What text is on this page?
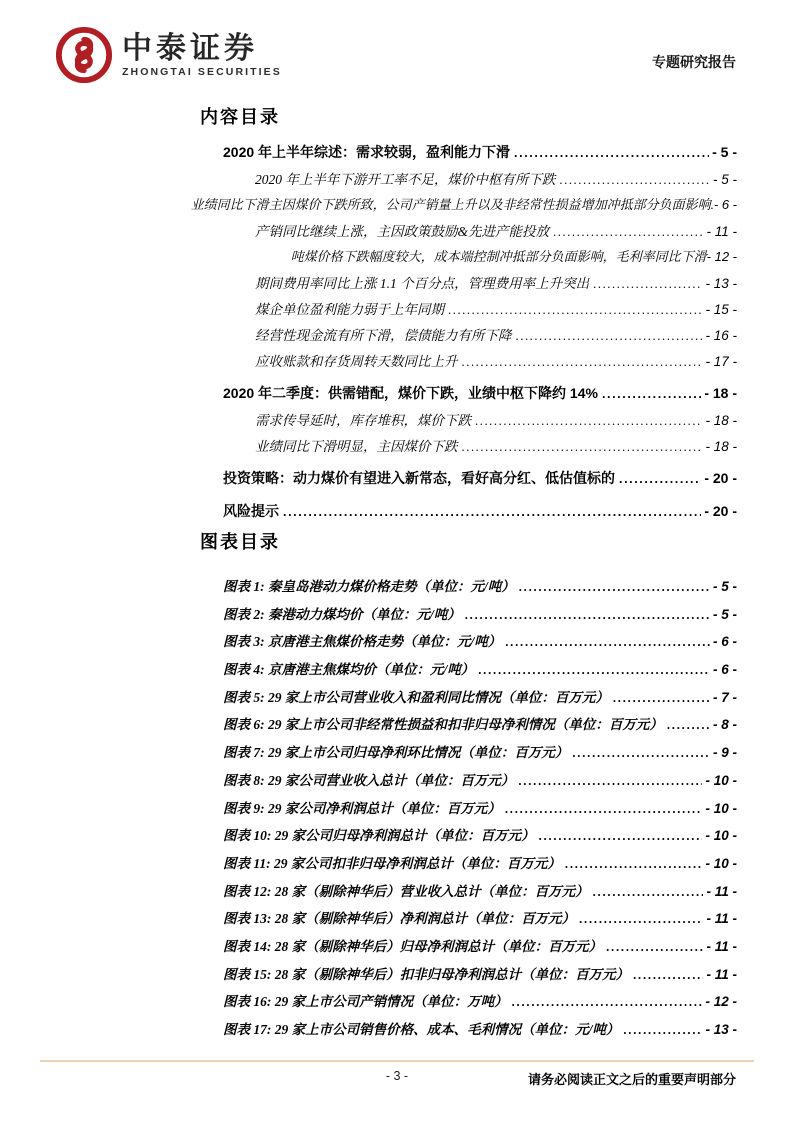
中泰证券
ZHONGTAI SECURITIES
专题研究报告
内容目录
2020 年上半年综述：需求较弱，盈利能力下滑 .....	- 5 -
2020 年上半年下游开工率不足，煤价中枢有所下跌 .....	- 5 -
业绩同比下滑主因煤价下跌所致，公司产销量上升以及非经常性损益增加冲抵部分负面影响. - 6 -
产销同比继续上涨，主因政策鼓励&先进产能投放 .....	- 11 -
吨煤价格下跌幅度较大，成本端控制冲抵部分负面影响，毛利率同比下滑 - 12 -
期间费用率同比上涨 1.1 个百分点，管理费用率上升突出 .....	- 13 -
煤企单位盈利能力弱于上年同期 .....	- 15 -
经营性现金流有所下滑，偿债能力有所下降 .....	- 16 -
应收账款和存货周转天数同比上升 .....	- 17 -
2020 年二季度：供需错配，煤价下跌，业绩中枢下降约 14% .....	- 18 -
需求传导延时，库存堆积，煤价下跌 .....	- 18 -
业绩同比下滑明显，主因煤价下跌 .....	- 18 -
投资策略：动力煤价有望进入新常态，看好高分红、低估值标的 .....	- 20 -
风险提示 .....	- 20 -
图表目录
图表 1: 秦皇岛港动力煤价格走势（单位：元/吨） .....	- 5 -
图表 2: 秦港动力煤均价（单位：元/吨） .....	- 5 -
图表 3: 京唐港主焦煤价格走势（单位：元/吨） .....	- 6 -
图表 4: 京唐港主焦煤均价（单位：元/吨） .....	- 6 -
图表 5: 29 家上市公司营业收入和盈利同比情况（单位：百万元） .....	- 7 -
图表 6: 29 家上市公司非经常性损益和扣非归母净利情况（单位：百万元） .....	- 8 -
图表 7: 29 家上市公司归母净利环比情况（单位：百万元） .....	- 9 -
图表 8: 29 家公司营业收入总计（单位：百万元） .....	- 10 -
图表 9: 29 家公司净利润总计（单位：百万元） .....	- 10 -
图表 10: 29 家公司归母净利润总计（单位：百万元） .....	- 10 -
图表 11: 29 家公司扣非归母净利润总计（单位：百万元） .....	- 10 -
图表 12: 28 家（剔除神华后）营业收入总计（单位：百万元） .....	- 11 -
图表 13: 28 家（剔除神华后）净利润总计（单位：百万元） .....	- 11 -
图表 14: 28 家（剔除神华后）归母净利润总计（单位：百万元） .....	- 11 -
图表 15: 28 家（剔除神华后）扣非归母净利润总计（单位：百万元） .....	- 11 -
图表 16: 29 家上市公司产销情况（单位：万吨） .....	- 12 -
图表 17: 29 家上市公司销售价格、成本、毛利情况（单位：元/吨） .....	- 13 -
- 3 -	请务必阅读正文之后的重要声明部分
